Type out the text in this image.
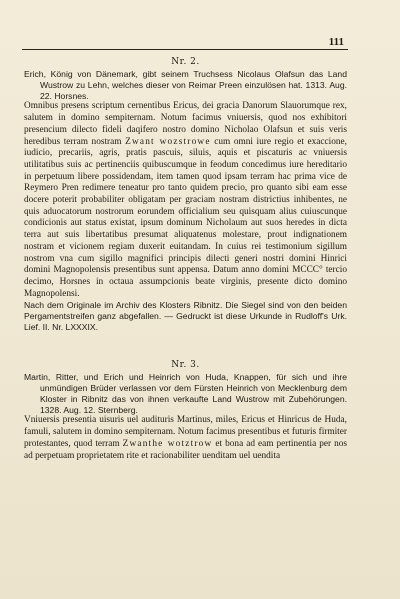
111

Nr. 2.

Erich, König von Dänemark, gibt seinem Truchsess Nicolaus Olafsun das Land Wustrow zu Lehn, welches dieser von Reimar Preen einzulösen hat. 1313. Aug. 22. Horsnes.

Omnibus presens scriptum cernentibus Ericus, dei gracia Danorum Slauorumque rex, salutem in domino sempiternam. Notum facimus vniuersis, quod nos exhibitori presencium dilecto fideli daqifero nostro domino Nicholao Olafsun et suis veris heredibus terram nostram Zwant wozstrowe cum omni iure regio et exaccione, iudicio, precariis, agris, pratis pascuis, siluis, aquis et piscaturis ac vniuersis utilitatibus suis ac pertinenciis quibuscumque in feodum concedimus iure hereditario in perpetuum libere possidendam, item tamen quod ipsam terram hac prima vice de Reymero Pren redimere teneatur pro tanto quidem precio, pro quanto sibi eam esse docere poterit probabiliter obligatam per graciam nostram districtius inhibentes, ne quis aduocatorum nostrorum eorundem officialium seu quisquam alius cuiuscunque condicionis aut status existat, ipsum dominum Nicholaum aut suos heredes in dicta terra aut suis libertatibus presumat aliquatenus molestare, prout indignationem nostram et vicionem regiam duxerit euitandam. In cuius rei testimonium sigillum nostrom vna cum sigillo magnifici principis dilecti generi nostri domini Hinrici domini Magnopolensis presentibus sunt appensa. Datum anno domini MCCC° tercio decimo, Horsnes in octaua assumpcionis beate virginis, presente dicto domino Magnopolensi.

Nach dem Originale im Archiv des Klosters Ribnitz. Die Siegel sind von den beiden Pergamentstreifen ganz abgefallen. — Gedruckt ist diese Urkunde in Rudloff's Urk. Lief. II. Nr. LXXXIX.

Nr. 3.

Martin, Ritter, und Erich und Heinrich von Huda, Knappen, für sich und ihre unmündigen Brüder verlassen vor dem Fürsten Heinrich von Mecklenburg dem Kloster in Ribnitz das von ihnen verkaufte Land Wustrow mit Zubehörungen. 1328. Aug. 12. Sternberg.

Vniuersis presentia uisuris uel audituris Martinus, miles, Ericus et Hinricus de Huda, famuli, salutem in domino sempiternam. Notum facimus presentibus et futuris firmiter protestantes, quod terram Zwanthe wotztrow et bona ad eam pertinentia per nos ad perpetuam proprietatem rite et racionabiliter uenditam uel uendita
